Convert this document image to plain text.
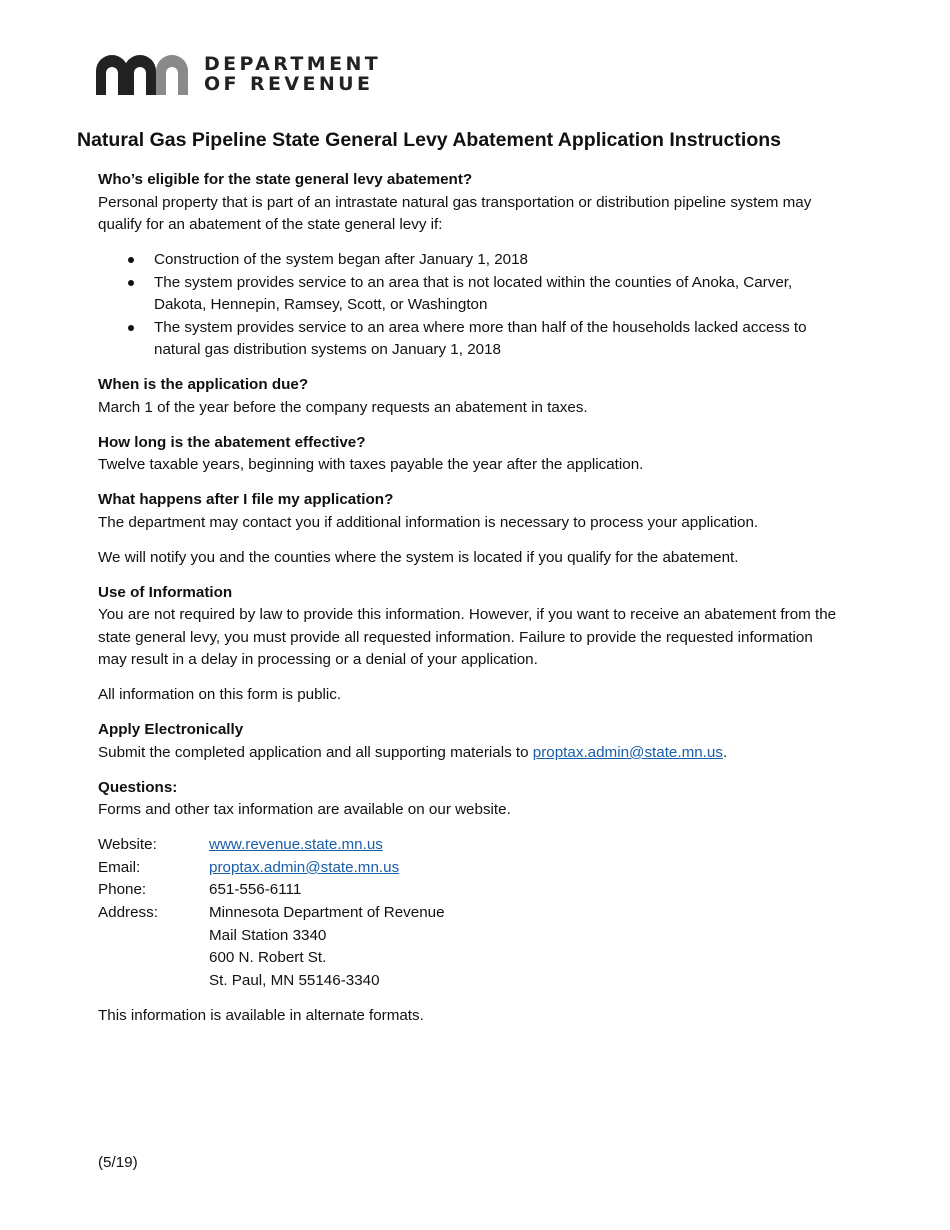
DEPARTMENT
OF REVENUE
Natural Gas Pipeline State General Levy Abatement Application Instructions

Who’s eligible for the state general levy abatement?

Personal property that is part of an intrastate natural gas transportation or distribution pipeline system may qualify for an abatement of the state general levy if:

Construction of the system began after January 1, 2018
The system provides service to an area that is not located within the counties of Anoka, Carver, Dakota, Hennepin, Ramsey, Scott, or Washington
The system provides service to an area where more than half of the households lacked access to natural gas distribution systems on January 1, 2018

When is the application due?

March 1 of the year before the company requests an abatement in taxes.

How long is the abatement effective?

Twelve taxable years, beginning with taxes payable the year after the application.

What happens after I file my application?

The department may contact you if additional information is necessary to process your application.

We will notify you and the counties where the system is located if you qualify for the abatement.

Use of Information

You are not required by law to provide this information. However, if you want to receive an abatement from the state general levy, you must provide all requested information. Failure to provide the requested information may result in a delay in processing or a denial of your application.

All information on this form is public.

Apply Electronically

Submit the completed application and all supporting materials to proptax.admin@state.mn.us.

Questions:

Forms and other tax information are available on our website.

Website:	www.revenue.state.mn.us
Email:	proptax.admin@state.mn.us
Phone:	651-556-6111
Address:	Minnesota Department of Revenue
Mail Station 3340
600 N. Robert St.
St. Paul, MN 55146-3340

This information is available in alternate formats.

(5/19)
